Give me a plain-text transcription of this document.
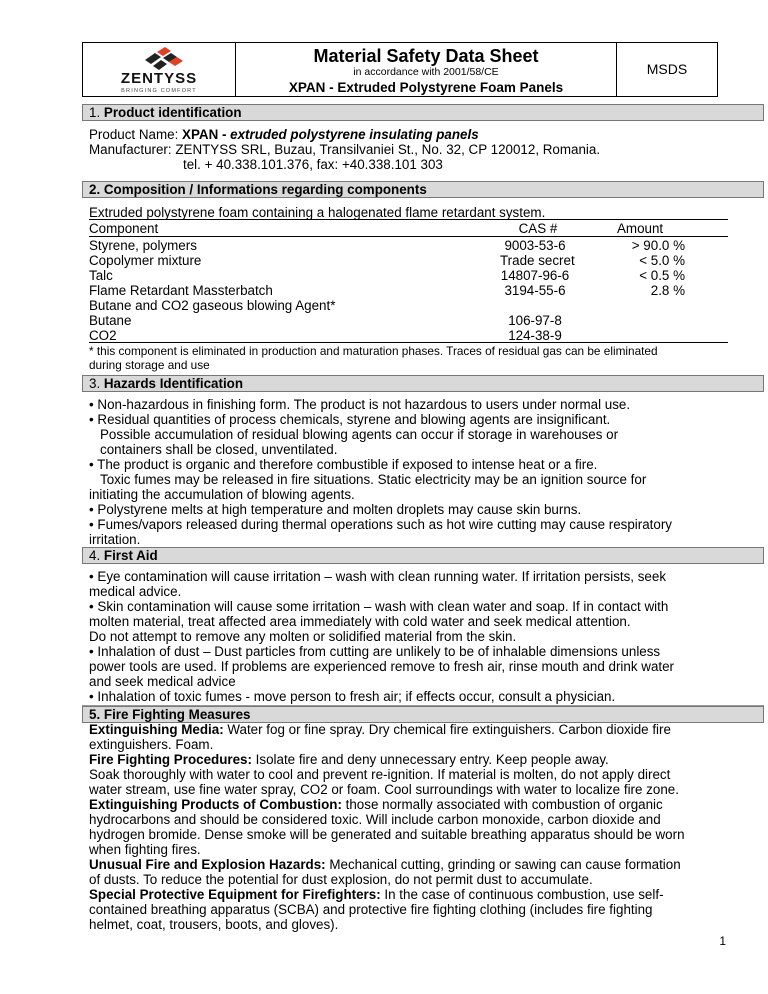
ZENTYSS
BRINGING COMFORT
Material Safety Data Sheet
in accordance with 2001/58/CE
XPAN - Extruded Polystyrene Foam Panels
MSDS
1. Product identification
Product Name: XPAN - extruded polystyrene insulating panels
Manufacturer: ZENTYSS SRL, Buzau, Transilvaniei St., No. 32, CP 120012, Romania.
tel. + 40.338.101.376, fax: +40.338.101 303
2. Composition / Informations regarding components
Extruded polystyrene foam containing a halogenated flame retardant system.
Component	CAS #	Amount
Styrene, polymers	9003-53-6	> 90.0 %
Copolymer mixture	Trade secret	< 5.0 %
Talc	14807-96-6	< 0.5 %
Flame Retardant Massterbatch	3194-55-6	2.8 %
Butane and CO2 gaseous blowing Agent*
Butane	106-97-8
CO2	124-38-9
* this component is eliminated in production and maturation phases. Traces of residual gas can be eliminated
during storage and use
3. Hazards Identification
• Non-hazardous in finishing form. The product is not hazardous to users under normal use.
• Residual quantities of process chemicals, styrene and blowing agents are insignificant.
Possible accumulation of residual blowing agents can occur if storage in warehouses or
containers shall be closed, unventilated.
• The product is organic and therefore combustible if exposed to intense heat or a fire.
Toxic fumes may be released in fire situations. Static electricity may be an ignition source for
initiating the accumulation of blowing agents.
• Polystyrene melts at high temperature and molten droplets may cause skin burns.
• Fumes/vapors released during thermal operations such as hot wire cutting may cause respiratory
irritation.
4. First Aid
• Eye contamination will cause irritation – wash with clean running water. If irritation persists, seek
medical advice.
• Skin contamination will cause some irritation – wash with clean water and soap. If in contact with
molten material, treat affected area immediately with cold water and seek medical attention.
Do not attempt to remove any molten or solidified material from the skin.
• Inhalation of dust – Dust particles from cutting are unlikely to be of inhalable dimensions unless
power tools are used. If problems are experienced remove to fresh air, rinse mouth and drink water
and seek medical advice
• Inhalation of toxic fumes - move person to fresh air; if effects occur, consult a physician.
5. Fire Fighting Measures
Extinguishing Media: Water fog or fine spray. Dry chemical fire extinguishers. Carbon dioxide fire
extinguishers. Foam.
Fire Fighting Procedures: Isolate fire and deny unnecessary entry. Keep people away.
Soak thoroughly with water to cool and prevent re-ignition. If material is molten, do not apply direct
water stream, use fine water spray, CO2 or foam. Cool surroundings with water to localize fire zone.
Extinguishing Products of Combustion: those normally associated with combustion of organic
hydrocarbons and should be considered toxic. Will include carbon monoxide, carbon dioxide and
hydrogen bromide. Dense smoke will be generated and suitable breathing apparatus should be worn
when fighting fires.
Unusual Fire and Explosion Hazards: Mechanical cutting, grinding or sawing can cause formation
of dusts. To reduce the potential for dust explosion, do not permit dust to accumulate.
Special Protective Equipment for Firefighters: In the case of continuous combustion, use self-
contained breathing apparatus (SCBA) and protective fire fighting clothing (includes fire fighting
helmet, coat, trousers, boots, and gloves).
1
